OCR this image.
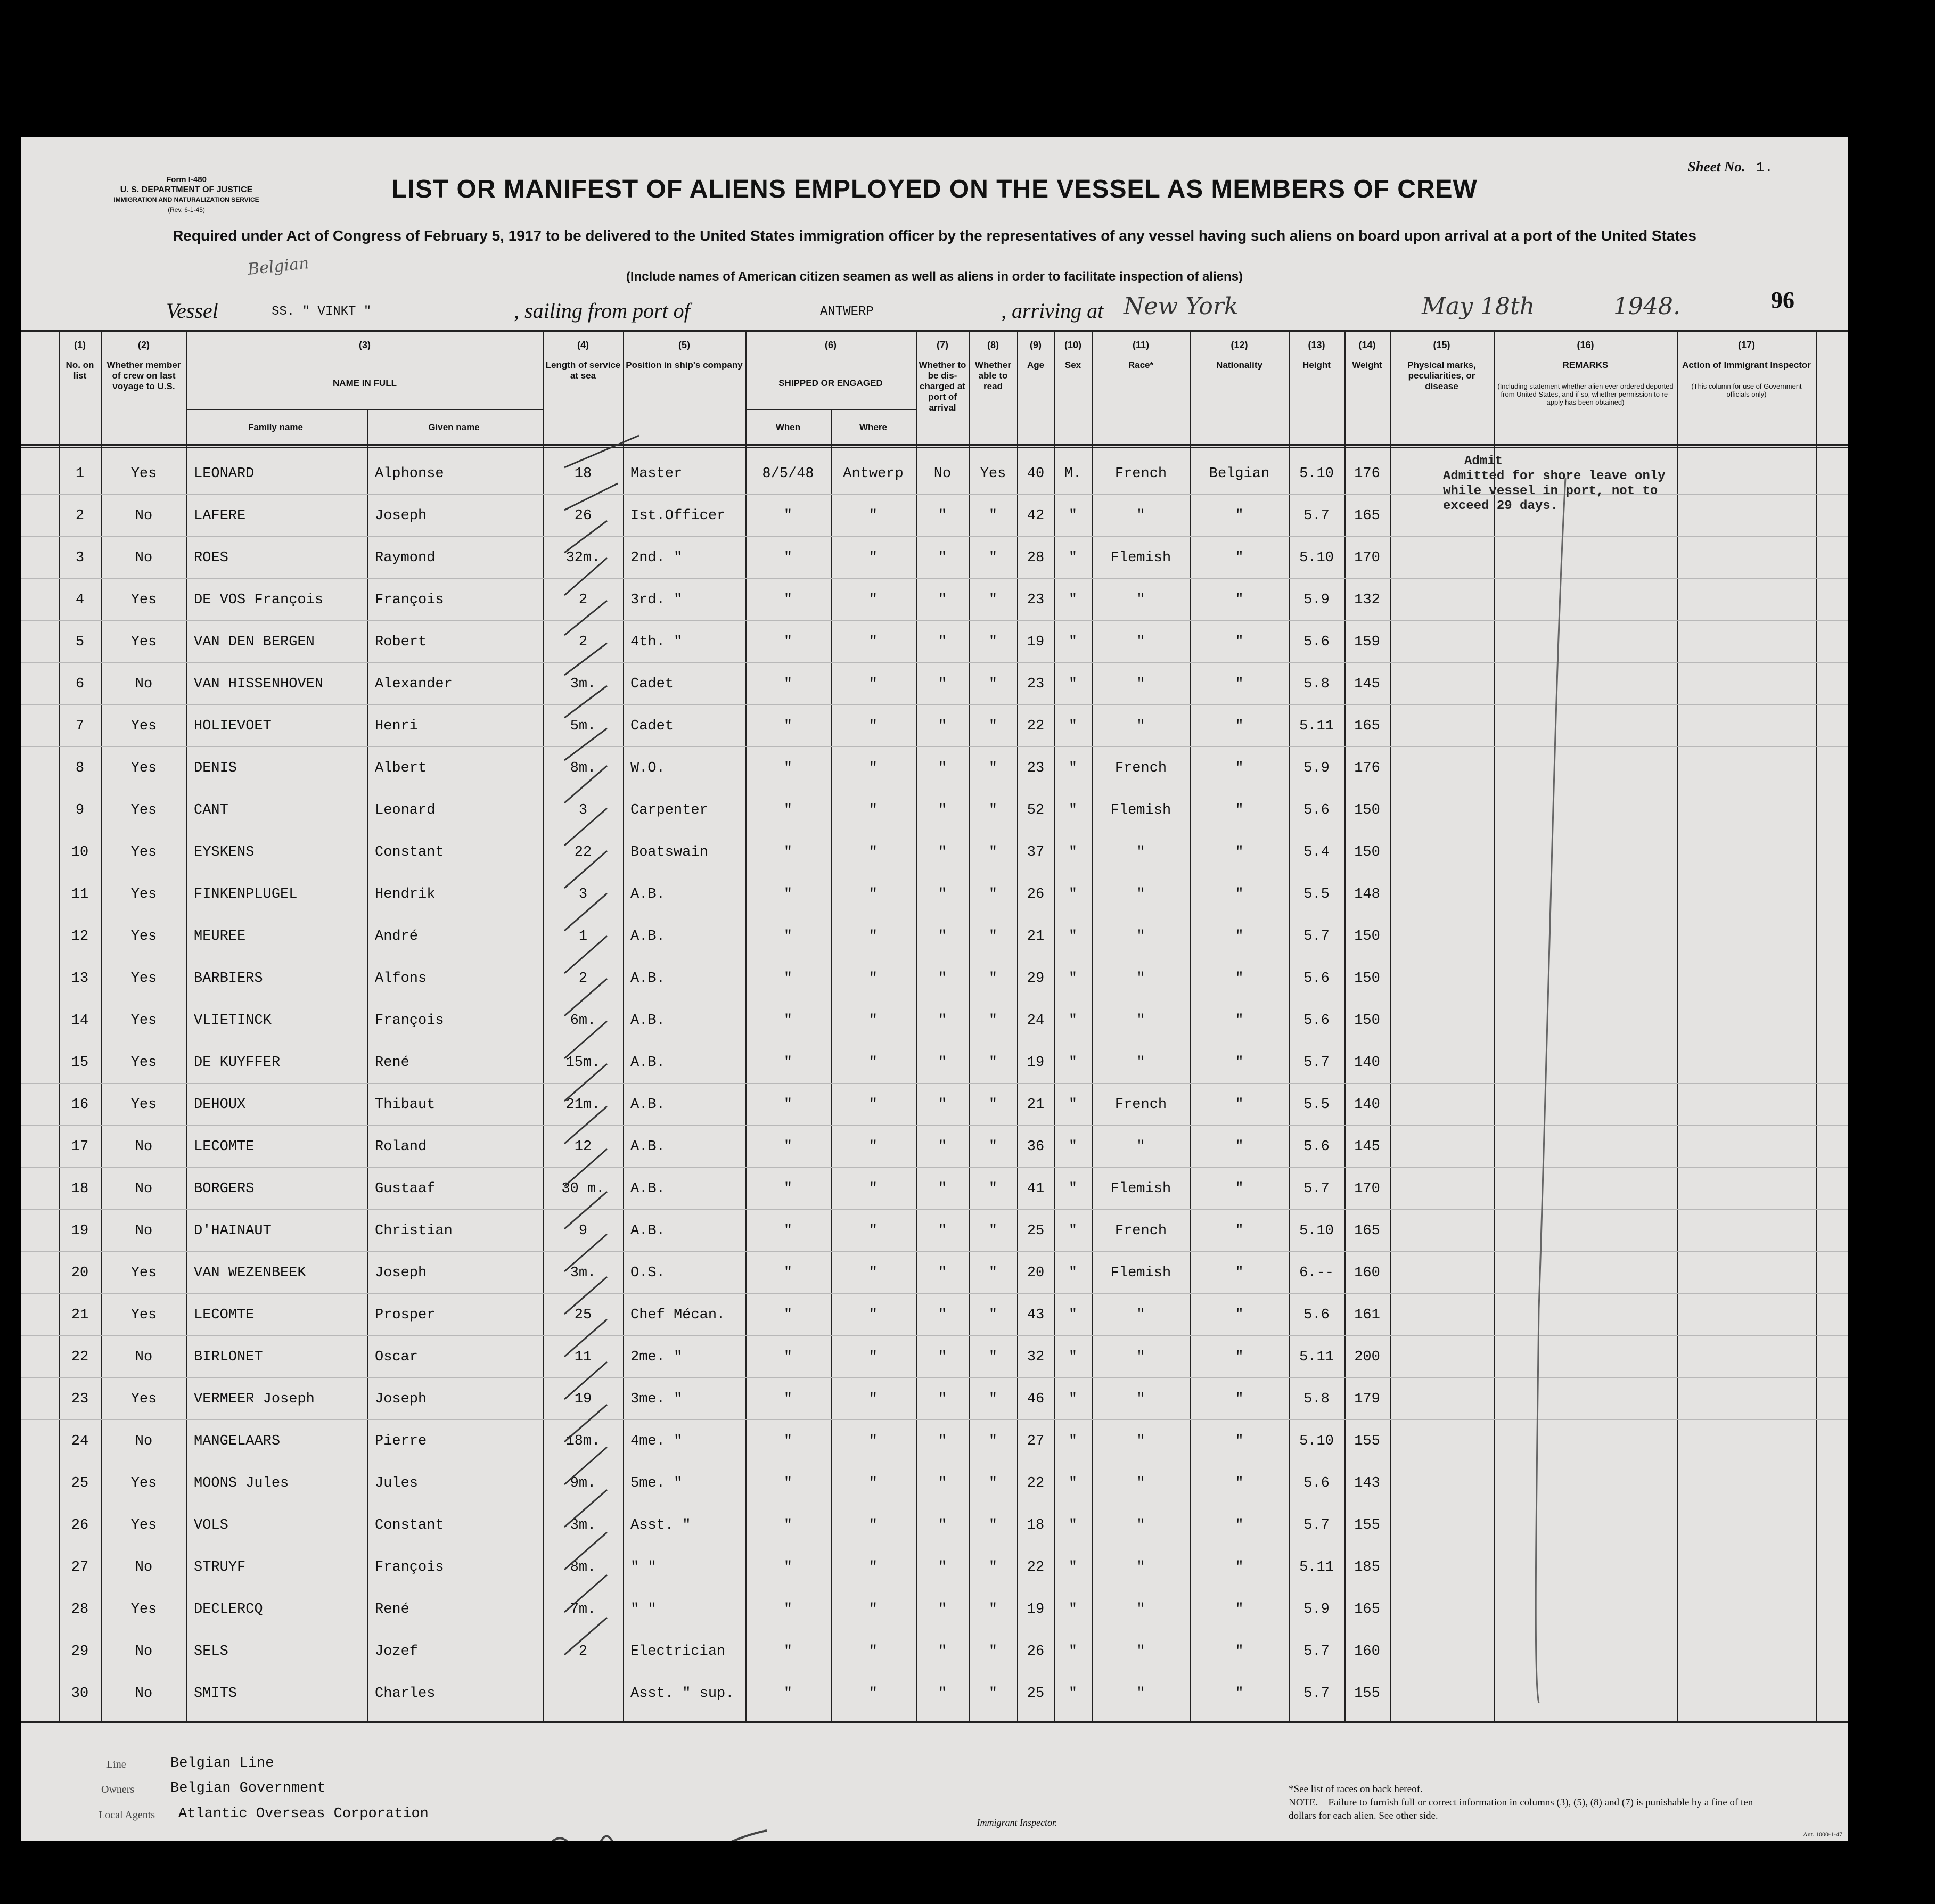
Form I-480
U. S. DEPARTMENT OF JUSTICE
IMMIGRATION AND NATURALIZATION SERVICE
(Rev. 6-1-45)
Sheet No. 1.
LIST OR MANIFEST OF ALIENS EMPLOYED ON THE VESSEL AS MEMBERS OF CREW
Required under Act of Congress of February 5, 1917 to be delivered to the United States immigration officer by the representatives of any vessel having such aliens on board upon arrival at a port of the United States
(Include names of American citizen seamen as well as aliens in order to facilitate inspection of aliens)
Belgian
96
Vessel	SS. " VINKT "	, sailing from port of	ANTWERP	, arriving at New York	May 18th	1948.
(1)
No. on list
(2)
Whether member of crew on last voyage to U.S.
(3)
NAME IN FULL
Family name	Given name
(4)
Length of service at sea
(5)
Position in ship's company
(6)
SHIPPED OR ENGAGED
When	Where
(7)
Whether to be dis-charged at port of arrival
(8)
Whether able to read
(9)
Age
(10)
Sex
(11)
Race*
(12)
Nationality
(13)
Height
(14)
Weight
(15)
Physical marks, peculiarities, or disease
(16)
REMARKS
(Including statement whether alien ever ordered deported from United States, and if so, whether permission to re-apply has been obtained)
(17)
Action of Immigrant Inspector
(This column for use of Government officials only)
1	Yes	LEONARD	Alphonse	18	Master	8/5/48	Antwerp	No	Yes	40	M.	French	Belgian	5.10	176
2	No	LAFERE	Joseph	26	Ist.Officer	"	"	"	"	42	"	"	"	5.7	165
3	No	ROES	Raymond	32m.	2nd. "	"	"	"	"	28	"	Flemish	"	5.10	170
4	Yes	DE VOS François	François	2	3rd. "	"	"	"	"	23	"	"	"	5.9	132
5	Yes	VAN DEN BERGEN	Robert	2	4th. "	"	"	"	"	19	"	"	"	5.6	159
6	No	VAN HISSENHOVEN	Alexander	3m.	Cadet	"	"	"	"	23	"	"	"	5.8	145
7	Yes	HOLIEVOET	Henri	5m.	Cadet	"	"	"	"	22	"	"	"	5.11	165
8	Yes	DENIS	Albert	8m.	W.O.	"	"	"	"	23	"	French	"	5.9	176
9	Yes	CANT	Leonard	3	Carpenter	"	"	"	"	52	"	Flemish	"	5.6	150
10	Yes	EYSKENS	Constant	22	Boatswain	"	"	"	"	37	"	"	"	5.4	150
11	Yes	FINKENPLUGEL	Hendrik	3	A.B.	"	"	"	"	26	"	"	"	5.5	148
12	Yes	MEUREE	André	1	A.B.	"	"	"	"	21	"	"	"	5.7	150
13	Yes	BARBIERS	Alfons	2	A.B.	"	"	"	"	29	"	"	"	5.6	150
14	Yes	VLIETINCK	François	6m.	A.B.	"	"	"	"	24	"	"	"	5.6	150
15	Yes	DE KUYFFER	René	15m.	A.B.	"	"	"	"	19	"	"	"	5.7	140
16	Yes	DEHOUX	Thibaut	21m.	A.B.	"	"	"	"	21	"	French	"	5.5	140
17	No	LECOMTE	Roland	12	A.B.	"	"	"	"	36	"	"	"	5.6	145
18	No	BORGERS	Gustaaf	30 m.	A.B.	"	"	"	"	41	"	Flemish	"	5.7	170
19	No	D'HAINAUT	Christian	9	A.B.	"	"	"	"	25	"	French	"	5.10	165
20	Yes	VAN WEZENBEEK	Joseph	3m.	O.S.	"	"	"	"	20	"	Flemish	"	6.--	160
21	Yes	LECOMTE	Prosper	25	Chef Mécan.	"	"	"	"	43	"	"	"	5.6	161
22	No	BIRLONET	Oscar	11	2me. "	"	"	"	"	32	"	"	"	5.11	200
23	Yes	VERMEER Joseph	Joseph	19	3me. "	"	"	"	"	46	"	"	"	5.8	179
24	No	MANGELAARS	Pierre	18m.	4me. "	"	"	"	"	27	"	"	"	5.10	155
25	Yes	MOONS Jules	Jules	9m.	5me. "	"	"	"	"	22	"	"	"	5.6	143
26	Yes	VOLS	Constant	3m.	Asst. "	"	"	"	"	18	"	"	"	5.7	155
27	No	STRUYF	François	8m.	" "	"	"	"	"	22	"	"	"	5.11	185
28	Yes	DECLERCQ	René	7m.	" "	"	"	"	"	19	"	"	"	5.9	165
29	No	SELS	Jozef	2	Electrician	"	"	"	"	26	"	"	"	5.7	160
30	No	SMITS	Charles	Asst. " sup.	"	"	"	"	25	"	"	"	5.7	155
Admit
Admitted for shore leave only
while vessel in port, not to
exceed 29 days.
Line	Belgian Line
Owners	Belgian Government
Local Agents Atlantic Overseas Corporation
Immigrant Inspector.
*See list of races on back hereof.
NOTE.—Failure to furnish full or correct information in columns (3), (5), (8) and (7) is punishable by a fine of ten dollars for each alien. See other side.
Ant. 1000-1-47
